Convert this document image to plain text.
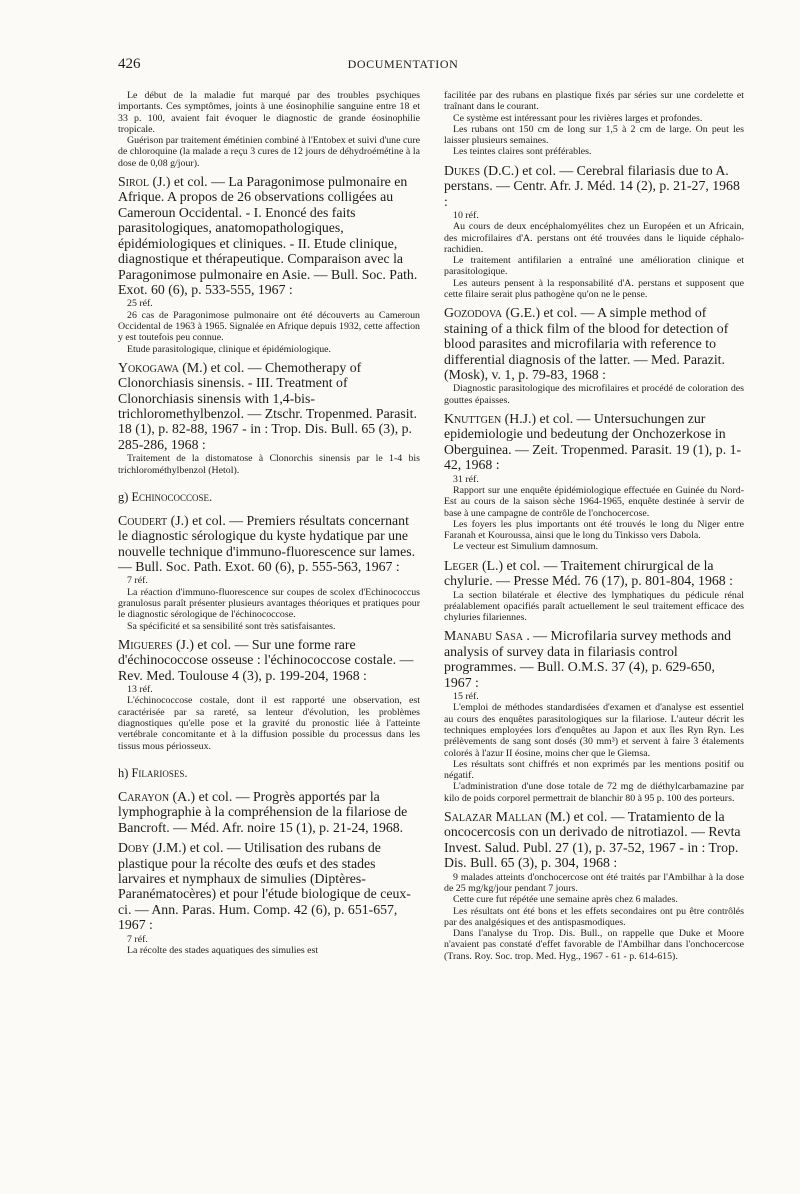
426	DOCUMENTATION

Le début de la maladie fut marqué par des troubles psychiques importants. Ces symptômes, joints à une éosinophilie sanguine entre 18 et 33 p. 100, avaient fait évoquer le diagnostic de grande éosinophilie tropicale.

Guérison par traitement émétinien combiné à l'Entobex et suivi d'une cure de chloroquine (la malade a reçu 3 cures de 12 jours de déhydroémétine à la dose de 0,08 g/jour).

Sirol (J.) et col. — La Paragonimose pulmonaire en Afrique. A propos de 26 observations colligées au Cameroun Occidental. - I. Enoncé des faits parasitologiques, anatomopathologiques, épidémiologiques et cliniques. - II. Etude clinique, diagnostique et thérapeutique. Comparaison avec la Paragonimose pulmonaire en Asie. — Bull. Soc. Path. Exot. 60 (6), p. 533-555, 1967 :

25 réf.

26 cas de Paragonimose pulmonaire ont été découverts au Cameroun Occidental de 1963 à 1965. Signalée en Afrique depuis 1932, cette affection y est toutefois peu connue.

Etude parasitologique, clinique et épidémiologique.

Yokogawa (M.) et col. — Chemotherapy of Clonorchiasis sinensis. - III. Treatment of Clonorchiasis sinensis with 1,4-bis-trichloromethylbenzol. — Ztschr. Tropenmed. Parasit. 18 (1), p. 82-88, 1967 - in : Trop. Dis. Bull. 65 (3), p. 285-286, 1968 :

Traitement de la distomatose à Clonorchis sinensis par le 1-4 bis trichlorométhylbenzol (Hetol).

g) Echinococcose.
Coudert (J.) et col. — Premiers résultats concernant le diagnostic sérologique du kyste hydatique par une nouvelle technique d'immuno-fluorescence sur lames. — Bull. Soc. Path. Exot. 60 (6), p. 555-563, 1967 :

7 réf.

La réaction d'immuno-fluorescence sur coupes de scolex d'Echinococcus granulosus paraît présenter plusieurs avantages théoriques et pratiques pour le diagnostic sérologique de l'échinococcose.

Sa spécificité et sa sensibilité sont très satisfaisantes.

Migueres (J.) et col. — Sur une forme rare d'échinococcose osseuse : l'échinococcose costale. — Rev. Med. Toulouse 4 (3), p. 199-204, 1968 :

13 réf.

L'échinococcose costale, dont il est rapporté une observation, est caractérisée par sa rareté, sa lenteur d'évolution, les problèmes diagnostiques qu'elle pose et la gravité du pronostic liée à l'atteinte vertébrale concomitante et à la diffusion possible du processus dans les tissus mous périosseux.

h) Filarioses.
Carayon (A.) et col. — Progrès apportés par la lymphographie à la compréhension de la filariose de Bancroft. — Méd. Afr. noire 15 (1), p. 21-24, 1968.
Doby (J.M.) et col. — Utilisation des rubans de plastique pour la récolte des œufs et des stades larvaires et nymphaux de simulies (Diptères-Paranématocères) et pour l'étude biologique de ceux-ci. — Ann. Paras. Hum. Comp. 42 (6), p. 651-657, 1967 :

7 réf.

La récolte des stades aquatiques des simulies est

facilitée par des rubans en plastique fixés par séries sur une cordelette et traînant dans le courant.

Ce système est intéressant pour les rivières larges et profondes.

Les rubans ont 150 cm de long sur 1,5 à 2 cm de large. On peut les laisser plusieurs semaines.

Les teintes claires sont préférables.

Dukes (D.C.) et col. — Cerebral filariasis due to A. perstans. — Centr. Afr. J. Méd. 14 (2), p. 21-27, 1968 :

10 réf.

Au cours de deux encéphalomyélites chez un Européen et un Africain, des microfilaires d'A. perstans ont été trouvées dans le liquide céphalo-rachidien.

Le traitement antifilarien a entraîné une amélioration clinique et parasitologique.

Les auteurs pensent à la responsabilité d'A. perstans et supposent que cette filaire serait plus pathogène qu'on ne le pense.

Gozodova (G.E.) et col. — A simple method of staining of a thick film of the blood for detection of blood parasites and microfilaria with reference to differential diagnosis of the latter. — Med. Parazit. (Mosk), v. 1, p. 79-83, 1968 :

Diagnostic parasitologique des microfilaires et procédé de coloration des gouttes épaisses.

Knuttgen (H.J.) et col. — Untersuchungen zur epidemiologie und bedeutung der Onchozerkose in Oberguinea. — Zeit. Tropenmed. Parasit. 19 (1), p. 1-42, 1968 :

31 réf.

Rapport sur une enquête épidémiologique effectuée en Guinée du Nord-Est au cours de la saison sèche 1964-1965, enquête destinée à servir de base à une campagne de contrôle de l'onchocercose.

Les foyers les plus importants ont été trouvés le long du Niger entre Faranah et Kouroussa, ainsi que le long du Tinkisso vers Dabola.

Le vecteur est Simulium damnosum.

Leger (L.) et col. — Traitement chirurgical de la chylurie. — Presse Méd. 76 (17), p. 801-804, 1968 :

La section bilatérale et élective des lymphatiques du pédicule rénal préalablement opacifiés paraît actuellement le seul traitement efficace des chyluries filariennes.

Manabu Sasa . — Microfilaria survey methods and analysis of survey data in filariasis control programmes. — Bull. O.M.S. 37 (4), p. 629-650, 1967 :

15 réf.

L'emploi de méthodes standardisées d'examen et d'analyse est essentiel au cours des enquêtes parasitologiques sur la filariose. L'auteur décrit les techniques employées lors d'enquêtes au Japon et aux îles Ryn Ryn. Les prélèvements de sang sont dosés (30 mm³) et servent à faire 3 étalements colorés à l'azur II éosine, moins cher que le Giemsa.

Les résultats sont chiffrés et non exprimés par les mentions positif ou négatif.

L'administration d'une dose totale de 72 mg de diéthylcarbamazine par kilo de poids corporel permettrait de blanchir 80 à 95 p. 100 des porteurs.

Salazar Mallan (M.) et col. — Tratamiento de la oncocercosis con un derivado de nitrotiazol. — Revta Invest. Salud. Publ. 27 (1), p. 37-52, 1967 - in : Trop. Dis. Bull. 65 (3), p. 304, 1968 :

9 malades atteints d'onchocercose ont été traités par l'Ambilhar à la dose de 25 mg/kg/jour pendant 7 jours.

Cette cure fut répétée une semaine après chez 6 malades.

Les résultats ont été bons et les effets secondaires ont pu être contrôlés par des analgésiques et des antispasmodiques.

Dans l'analyse du Trop. Dis. Bull., on rappelle que Duke et Moore n'avaient pas constaté d'effet favorable de l'Ambilhar dans l'onchocercose (Trans. Roy. Soc. trop. Med. Hyg., 1967 - 61 - p. 614-615).
